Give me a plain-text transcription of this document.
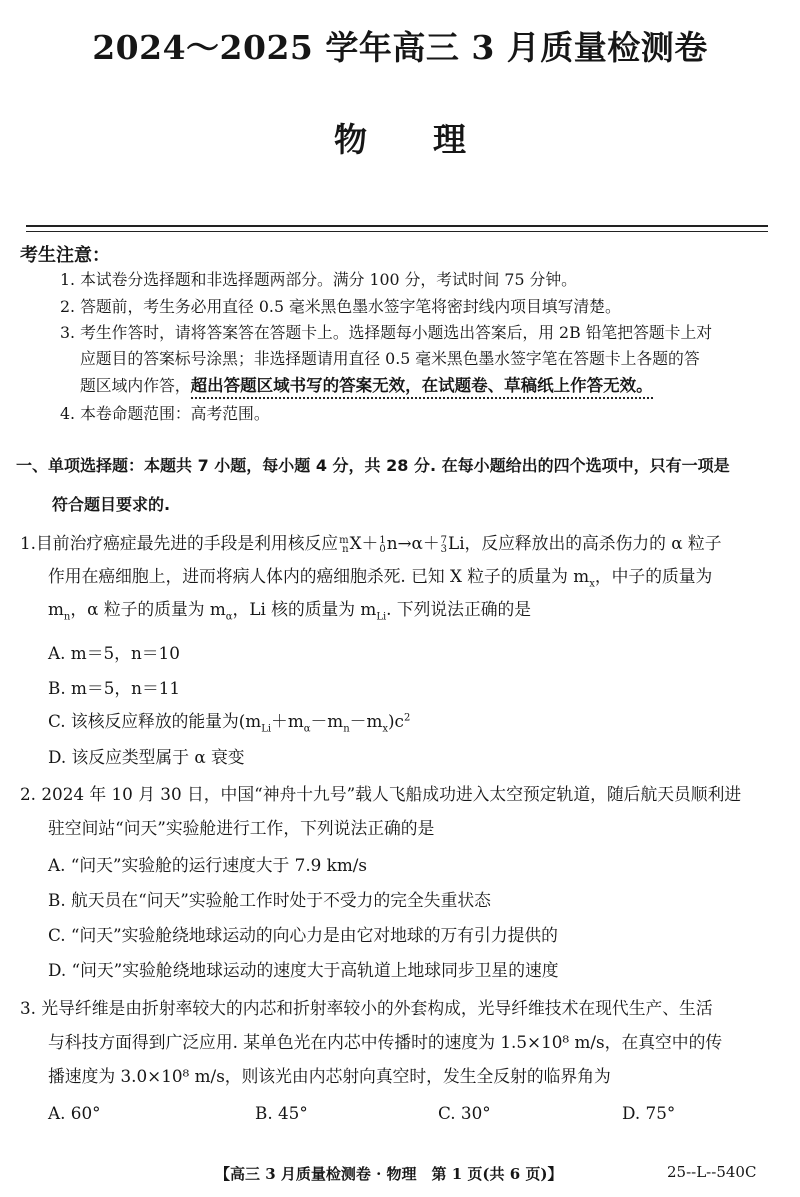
2024～2025 学年高三 3 月质量检测卷
物　　理
考生注意：
1. 本试卷分选择题和非选择题两部分。满分 100 分，考试时间 75 分钟。
2. 答题前，考生务必用直径 0.5 毫米黑色墨水签字笔将密封线内项目填写清楚。
3. 考生作答时，请将答案答在答题卡上。选择题每小题选出答案后，用 2B 铅笔把答题卡上对
应题目的答案标号涂黑；非选择题请用直径 0.5 毫米黑色墨水签字笔在答题卡上各题的答
题区域内作答，超出答题区域书写的答案无效，在试题卷、草稿纸上作答无效。
4. 本卷命题范围：高考范围。
一、单项选择题：本题共 7 小题，每小题 4 分，共 28 分. 在每小题给出的四个选项中，只有一项是
符合题目要求的.
1.目前治疗癌症最先进的手段是利用核反应 m
n X＋ 1
0 n→α＋ 7
3 Li，反应释放出的高杀伤力的 α 粒子
作用在癌细胞上，进而将病人体内的癌细胞杀死. 已知 X 粒子的质量为 $m_x$，中子的质量为
$m_n$，α 粒子的质量为 $m_\alpha$，Li 核的质量为 $m_{Li}$. 下列说法正确的是
A. m＝5，n＝10
B. m＝5，n＝11
C. 该核反应释放的能量为$(m_{Li}+m_\alpha-m_n-m_x)c^2$
D. 该反应类型属于 α 衰变
2. 2024 年 10 月 30 日，中国“神舟十九号”载人飞船成功进入太空预定轨道，随后航天员顺利进
驻空间站“问天”实验舱进行工作，下列说法正确的是
A. “问天”实验舱的运行速度大于 7.9 km/s
B. 航天员在“问天”实验舱工作时处于不受力的完全失重状态
C. “问天”实验舱绕地球运动的向心力是由它对地球的万有引力提供的
D. “问天”实验舱绕地球运动的速度大于高轨道上地球同步卫星的速度
3. 光导纤维是由折射率较大的内芯和折射率较小的外套构成，光导纤维技术在现代生产、生活
与科技方面得到广泛应用. 某单色光在内芯中传播时的速度为 1.5×10⁸ m/s，在真空中的传
播速度为 3.0×10⁸ m/s，则该光由内芯射向真空时，发生全反射的临界角为
A. 60°	B. 45°	C. 30°	D. 75°
【高三 3 月质量检测卷 · 物理　第 1 页(共 6 页)】	25--L--540C
